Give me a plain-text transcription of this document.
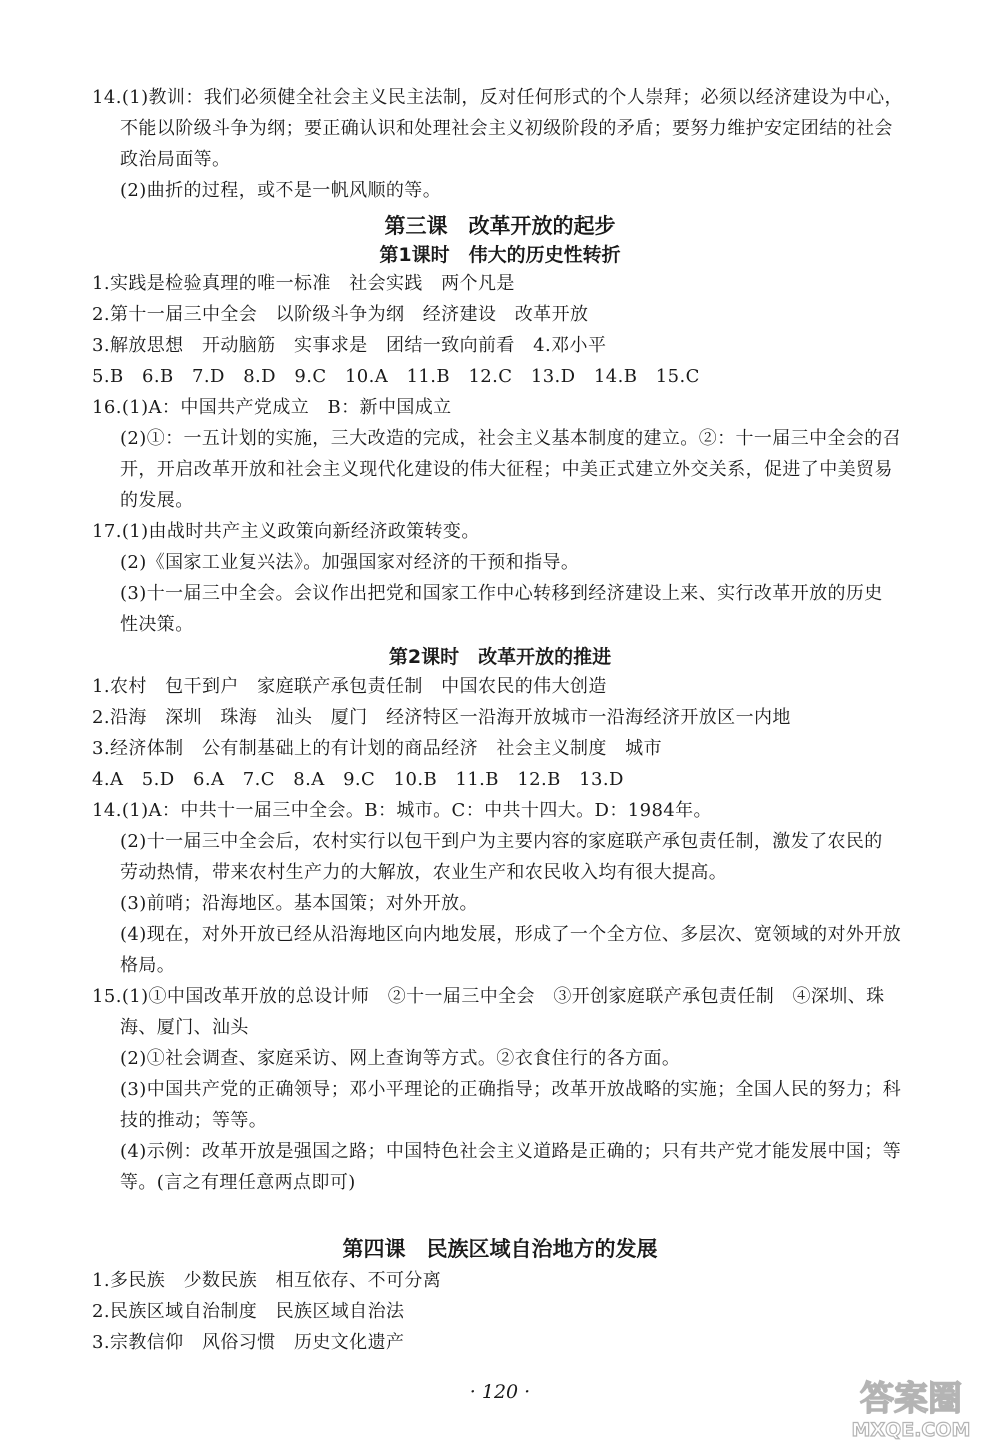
14.(1)教训：我们必须健全社会主义民主法制，反对任何形式的个人崇拜；必须以经济建设为中心，
不能以阶级斗争为纲；要正确认识和处理社会主义初级阶段的矛盾；要努力维护安定团结的社会
政治局面等。
(2)曲折的过程，或不是一帆风顺的等。
第三课　改革开放的起步
第1课时　伟大的历史性转折
1.实践是检验真理的唯一标准　社会实践　两个凡是
2.第十一届三中全会　以阶级斗争为纲　经济建设　改革开放
3.解放思想　开动脑筋　实事求是　团结一致向前看　4.邓小平
5.B　6.B　7.D　8.D　9.C　10.A　11.B　12.C　13.D　14.B　15.C
16.(1)A：中国共产党成立　B：新中国成立
(2)①：一五计划的实施，三大改造的完成，社会主义基本制度的建立。②：十一届三中全会的召
开，开启改革开放和社会主义现代化建设的伟大征程；中美正式建立外交关系，促进了中美贸易
的发展。
17.(1)由战时共产主义政策向新经济政策转变。
(2)《国家工业复兴法》。加强国家对经济的干预和指导。
(3)十一届三中全会。会议作出把党和国家工作中心转移到经济建设上来、实行改革开放的历史
性决策。
第2课时　改革开放的推进
1.农村　包干到户　家庭联产承包责任制　中国农民的伟大创造
2.沿海　深圳　珠海　汕头　厦门　经济特区一沿海开放城市一沿海经济开放区一内地
3.经济体制　公有制基础上的有计划的商品经济　社会主义制度　城市
4.A　5.D　6.A　7.C　8.A　9.C　10.B　11.B　12.B　13.D
14.(1)A：中共十一届三中全会。B：城市。C：中共十四大。D：1984年。
(2)十一届三中全会后，农村实行以包干到户为主要内容的家庭联产承包责任制，激发了农民的
劳动热情，带来农村生产力的大解放，农业生产和农民收入均有很大提高。
(3)前哨；沿海地区。基本国策；对外开放。
(4)现在，对外开放已经从沿海地区向内地发展，形成了一个全方位、多层次、宽领域的对外开放
格局。
15.(1)①中国改革开放的总设计师　②十一届三中全会　③开创家庭联产承包责任制　④深圳、珠
海、厦门、汕头
(2)①社会调查、家庭采访、网上查询等方式。②衣食住行的各方面。
(3)中国共产党的正确领导；邓小平理论的正确指导；改革开放战略的实施；全国人民的努力；科
技的推动；等等。
(4)示例：改革开放是强国之路；中国特色社会主义道路是正确的；只有共产党才能发展中国；等
等。(言之有理任意两点即可)
第四课　民族区域自治地方的发展
1.多民族　少数民族　相互依存、不可分离
2.民族区域自治制度　民族区域自治法
3.宗教信仰　风俗习惯　历史文化遗产
· 120 ·	答案圈
MXQE.COM
